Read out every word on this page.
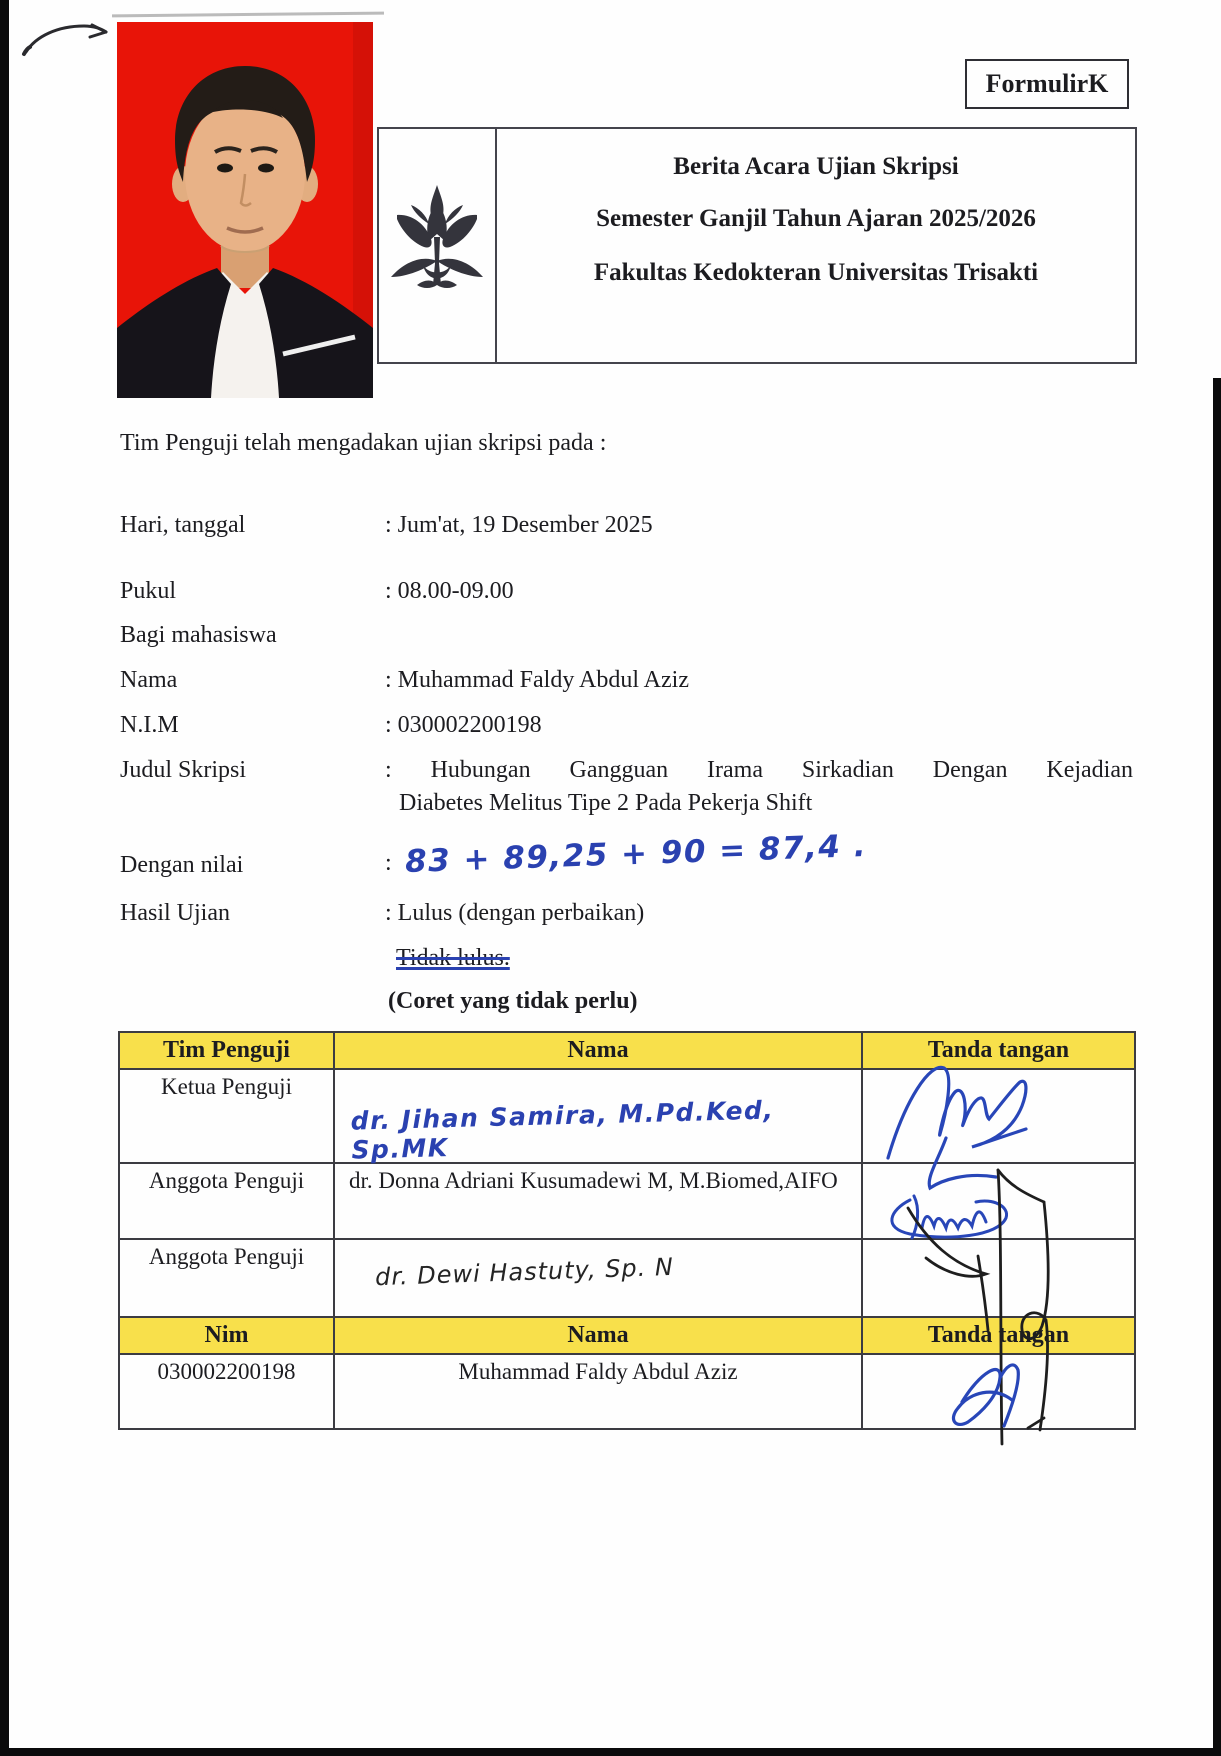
FormulirK
Berita Acara Ujian Skripsi
Semester Ganjil Tahun Ajaran 2025/2026
Fakultas Kedokteran Universitas Trisakti
Tim Penguji telah mengadakan ujian skripsi pada :
Hari, tanggal	: Jum'at, 19 Desember 2025
Pukul	: 08.00-09.00
Bagi mahasiswa
Nama	: Muhammad Faldy Abdul Aziz
N.I.M	: 030002200198
Judul Skripsi	: Hubungan Gangguan Irama Sirkadian Dengan Kejadian
Diabetes Melitus Tipe 2 Pada Pekerja Shift
Dengan nilai	: 83 + 89,25 + 90 = 87,4 .
Hasil Ujian	: Lulus (dengan perbaikan)
Tidak lulus.
(Coret yang tidak perlu)
Tim Penguji	Nama	Tanda tangan
Ketua Penguji	dr. Jihan Samira, M.Pd.Ked, Sp.MK	
Anggota Penguji	dr. Donna Adriani Kusumadewi M, M.Biomed,AIFO	
Anggota Penguji	dr. Dewi Hastuty, Sp. N	
Nim	Nama	Tanda tangan
030002200198	Muhammad Faldy Abdul Aziz	
